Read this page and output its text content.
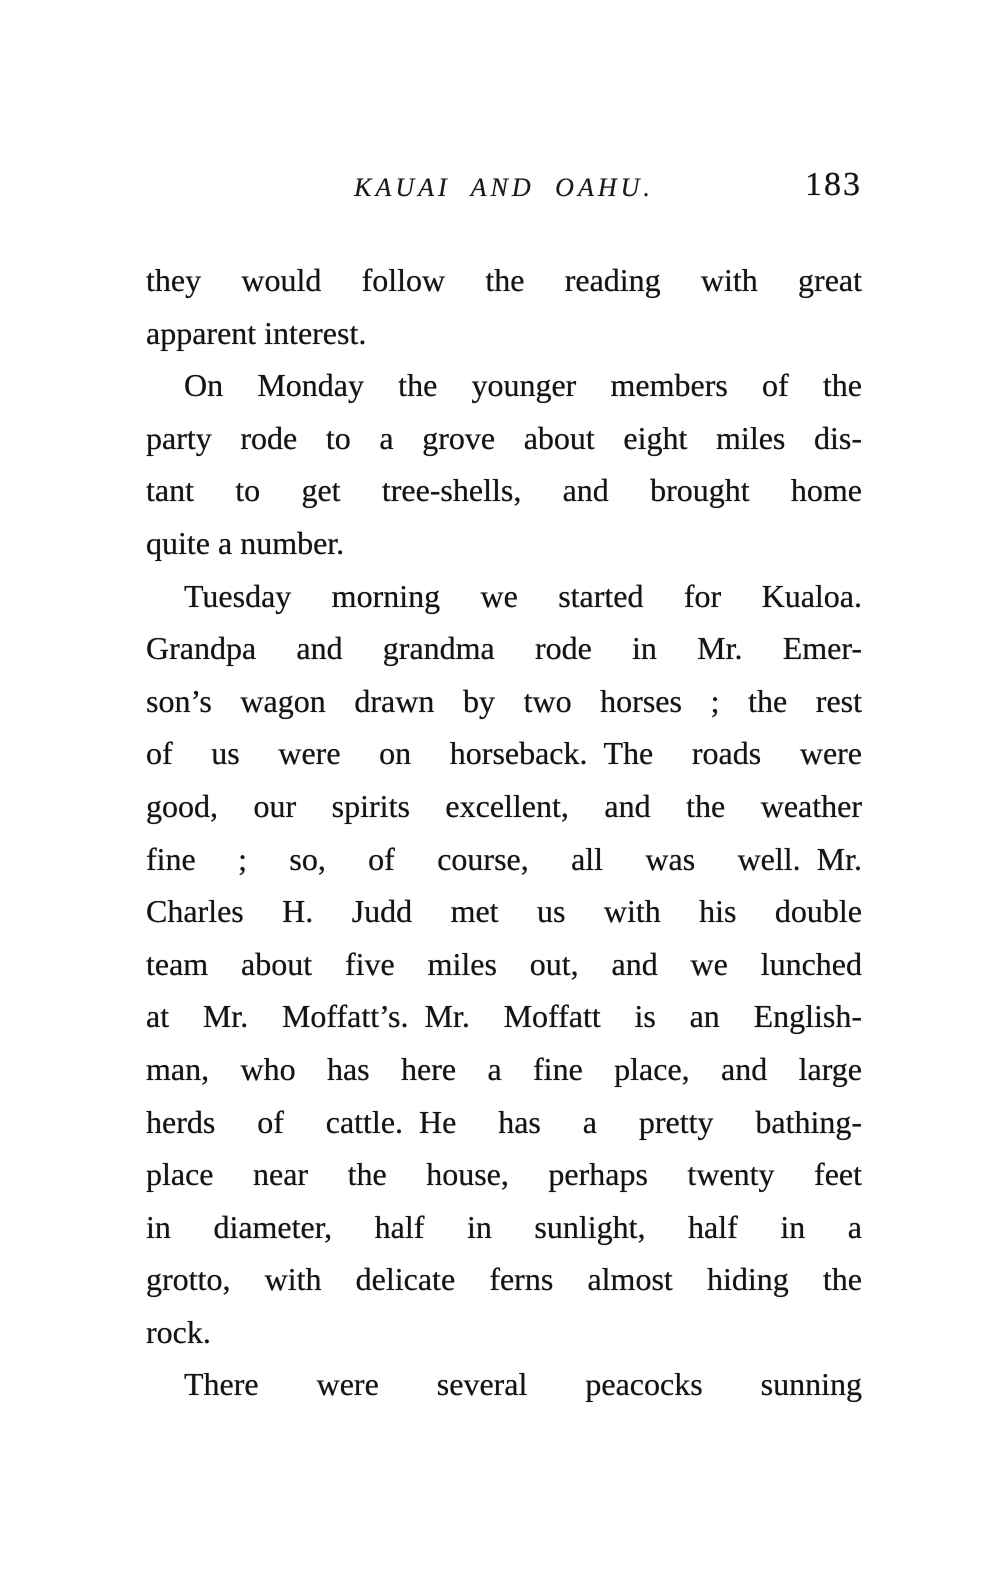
KAUAI AND OAHU.	183
they would follow the reading with great
apparent interest.
On Monday the younger members of the
party rode to a grove about eight miles dis-
tant to get tree-shells, and brought home
quite a number.
Tuesday morning we started for Kualoa.
Grandpa and grandma rode in Mr. Emer-
son’s wagon drawn by two horses ; the rest
of us were on horseback. The roads were
good, our spirits excellent, and the weather
fine ; so, of course, all was well. Mr.
Charles H. Judd met us with his double
team about five miles out, and we lunched
at Mr. Moffatt’s. Mr. Moffatt is an English-
man, who has here a fine place, and large
herds of cattle. He has a pretty bathing-
place near the house, perhaps twenty feet
in diameter, half in sunlight, half in a
grotto, with delicate ferns almost hiding the
rock.
There were several peacocks sunning
